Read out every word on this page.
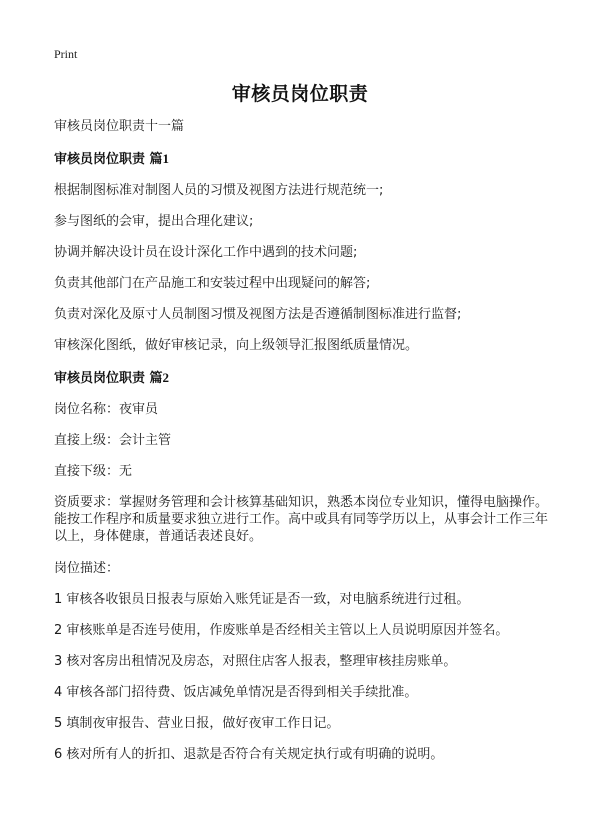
Print
审核员岗位职责

审核员岗位职责十一篇

审核员岗位职责 篇1

根据制图标准对制图人员的习惯及视图方法进行规范统一;

参与图纸的会审，提出合理化建议;

协调并解决设计员在设计深化工作中遇到的技术问题;

负责其他部门在产品施工和安装过程中出现疑问的解答;

负责对深化及原寸人员制图习惯及视图方法是否遵循制图标准进行监督;

审核深化图纸，做好审核记录，向上级领导汇报图纸质量情况。

审核员岗位职责 篇2

岗位名称：夜审员

直接上级：会计主管

直接下级：无

资质要求：掌握财务管理和会计核算基础知识，熟悉本岗位专业知识，懂得电脑操作。能按工作程序和质量要求独立进行工作。高中或具有同等学历以上，从事会计工作三年以上，身体健康，普通话表述良好。

岗位描述：

1 审核各收银员日报表与原始入账凭证是否一致，对电脑系统进行过租。

2 审核账单是否连号使用，作废账单是否经相关主管以上人员说明原因并签名。

3 核对客房出租情况及房态，对照住店客人报表，整理审核挂房账单。

4 审核各部门招待费、饭店减免单情况是否得到相关手续批准。

5 填制夜审报告、营业日报，做好夜审工作日记。

6 核对所有人的折扣、退款是否符合有关规定执行或有明确的说明。
